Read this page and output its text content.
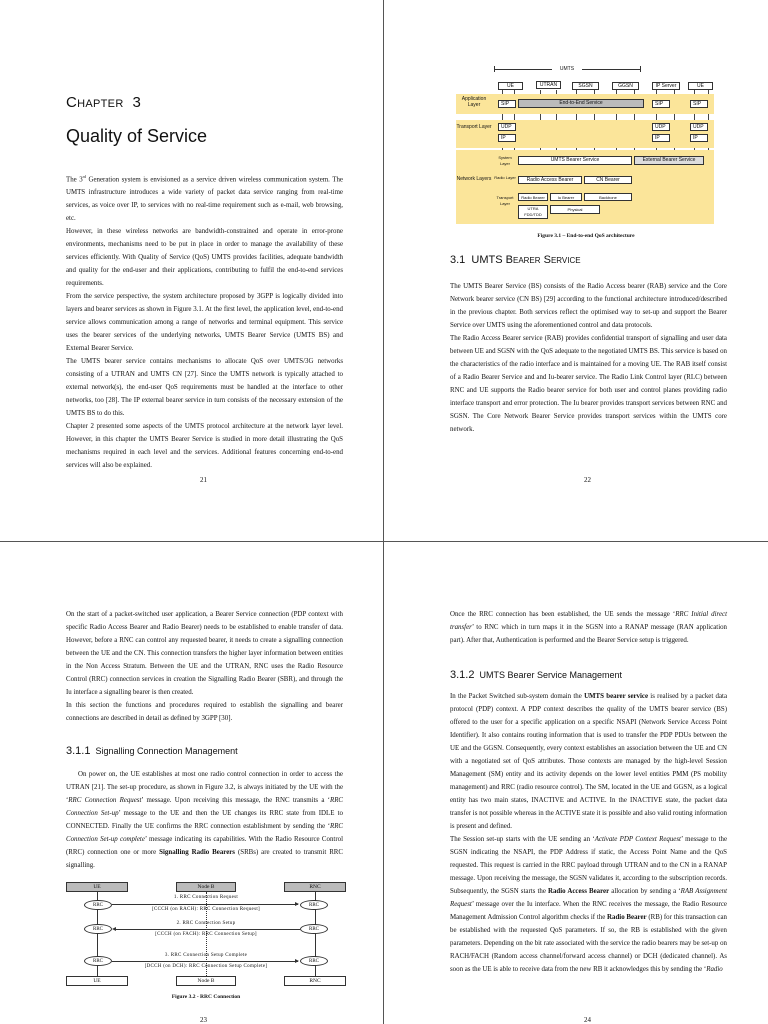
CHAPTER 3
Quality of Service

The 3rd Generation system is envisioned as a service driven wireless communication system. The UMTS infrastructure introduces a wide variety of packet data service ranging from real-time services, as voice over IP, to services with no real-time requirement such as e-mail, web browsing, etc.

However, in these wireless networks are bandwidth-constrained and operate in error-prone environments, mechanisms need to be put in place in order to manage the availability of these services efficiently. With Quality of Service (QoS) UMTS provides facilities, adequate bandwidth and quality for the end-user and their applications, contributing to fulfil the end-to-end services requirements.

From the service perspective, the system architecture proposed by 3GPP is logically divided into layers and bearer services as shown in Figure 3.1. At the first level, the application level, end-to-end service allows communication among a range of networks and terminal equipment. This service uses the bearer services of the underlying networks, UMTS Bearer Service (UMTS BS) and External Bearer Service.

The UMTS bearer service contains mechanisms to allocate QoS over UMTS/3G networks consisting of a UTRAN and UMTS CN [27]. Since the UMTS network is typically attached to external network(s), the end-user QoS requirements must be handled at the interface to other networks, too [28]. The IP external bearer service in turn consists of the necessary extension of the UMTS BS to do this.

Chapter 2 presented some aspects of the UMTS protocol architecture at the network layer level. However, in this chapter the UMTS Bearer Service is studied in more detail illustrating the QoS mechanisms required in each level and the services. Additional features concerning end-to-end services will also be explained.

21
UMTS
UE	UTRAN	SGSN	GGSN	IP Server	UE
Application Layer
Transport Layer
Network Layers
System Layer
Radio Layer
Transport Layer
SIP	End-to-End Service	SIP	SIP
UDP
IP
UDP
IP
UDP
IP
UMTS Bearer Service	External Bearer Service
Radio Access Bearer	CN Bearer
Radio Bearer	Iu Bearer	Backbone
UTRA FDD/TDD
Physical
Figure 3.1 – End-to-end QoS architecture
3.1 UMTS BEARER SERVICE

The UMTS Bearer Service (BS) consists of the Radio Access bearer (RAB) service and the Core Network bearer service (CN BS) [29] according to the functional architecture introduced/described in the previous chapter. Both services reflect the optimised way to set-up and support the Bearer Service over UMTS using the aforementioned control and data protocols.

The Radio Access Bearer service (RAB) provides confidential transport of signalling and user data between UE and SGSN with the QoS adequate to the negotiated UMTS BS. This service is based on the characteristics of the radio interface and is maintained for a moving UE. The RAB itself consist of a Radio Bearer Service and and Iu-bearer service. The Radio Link Control layer (RLC) between RNC and UE supports the Radio bearer service for both user and control planes providing radio interface transport and error protection. The Iu bearer provides transport services between RNC and SGSN. The Core Network Bearer Service provides transport services within the UMTS core network.

22

On the start of a packet-switched user application, a Bearer Service connection (PDP context with specific Radio Access Bearer and Radio Bearer) needs to be established to enable transfer of data. However, before a RNC can control any requested bearer, it needs to create a signalling connection between the UE and the CN. This connection transfers the higher layer information between entities in the Non Access Stratum. Between the UE and the UTRAN, RNC uses the Radio Resource Control (RRC) connection services in creation the Signalling Radio Bearer (SBR), and through the Iu interface a signalling bearer is then created.

In this section the functions and procedures required to establish the signalling and bearer connections are described in detail as defined by 3GPP [30].

3.1.1 Signalling Connection Management

On power on, the UE establishes at most one radio control connection in order to access the UTRAN [21]. The set-up procedure, as shown in Figure 3.2, is always initiated by the UE with the ‘RRC Connection Request’ message. Upon receiving this message, the RNC transmits a ‘RRC Connection Set-up’ message to the UE and then the UE changes its RRC state from IDLE to CONNECTED. Finally the UE confirms the RRC connection establishment by sending the ‘RRC Connection Set-up complete’ message indicating its capabilities. With the Radio Resource Control (RRC) connection one or more Signalling Radio Bearers (SRBs) are created to transmit RRC signalling.

UE	Node B	RNC
RRC	RRC
1. RRC Connection Request
[CCCH (on RACH): RRC Connection Request]
RRC	RRC
2. RRC Connection Setup
[CCCH (on FACH): RRC Connection Setup]
RRC	RRC
3. RRC Connection Setup Complete
[DCCH (on DCH): RRC Connection Setup Complete]
UE	Node B	RNC
Figure 3.2 - RRC Connection
23

Once the RRC connection has been established, the UE sends the message ‘RRC Initial direct transfer’ to RNC which in turn maps it in the SGSN into a RANAP message (RAN application part). After that, Authentication is performed and the Bearer Service setup is triggered.

3.1.2 UMTS Bearer Service Management

In the Packet Switched sub-system domain the UMTS bearer service is realised by a packet data protocol (PDP) context. A PDP context describes the quality of the UMTS bearer service (BS) offered to the user for a specific application on a specific NSAPI (Network Service Access Point Identifier). It also contains routing information that is used to transfer the PDP PDUs between the UE and the GGSN. Consequently, every context establishes an association between the UE and CN with a negotiated set of QoS attributes. Those contexts are managed by the high-level Session Management (SM) entity and its activity depends on the lower level entities PMM (PS mobility management) and RRC (radio resource control). The SM, located in the UE and GGSN, as a logical entity has two main states, INACTIVE and ACTIVE. In the INACTIVE state, the packet data transfer is not possible whereas in the ACTIVE state it is possible and also valid routing information is present and defined.

The Session set-up starts with the UE sending an ‘Activate PDP Context Request’ message to the SGSN indicating the NSAPI, the PDP Address if static, the Access Point Name and the QoS requested. This request is carried in the RRC payload through UTRAN and to the CN in a RANAP message. Upon receiving the message, the SGSN validates it, according to the subscription records. Subsequently, the SGSN starts the Radio Access Bearer allocation by sending a ‘RAB Assignment Request’ message over the Iu interface. When the RNC receives the message, the Radio Resource Management Admission Control algorithm checks if the Radio Bearer (RB) for this transaction can be established with the requested QoS parameters. If so, the RB is established with the given parameters. Depending on the bit rate associated with the service the radio bearers may be set-up on RACH/FACH (Random access channel/forward access channel) or DCH (dedicated channel). As soon as the UE is able to receive data from the new RB it acknowledges this by sending the ‘Radio

24
